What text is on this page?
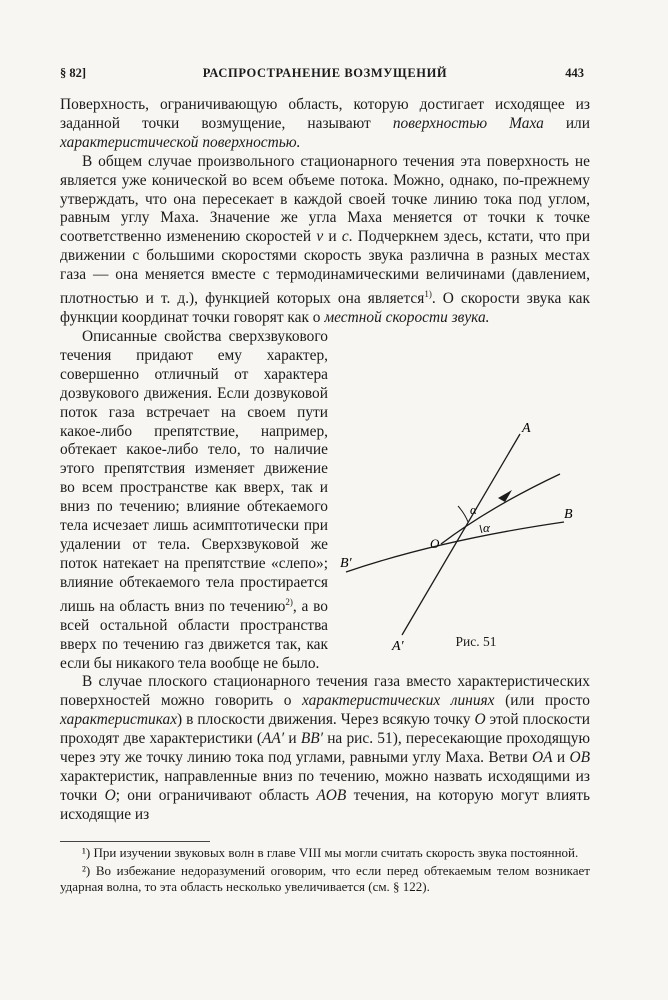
§ 82]	РАСПРОСТРАНЕНИЕ ВОЗМУЩЕНИЙ	443

Поверхность, ограничивающую область, которую достигает исходящее из заданной точки возмущение, называют поверхностью Маха или характеристической поверхностью.

В общем случае произвольного стационарного течения эта поверхность не является уже конической во всем объеме потока. Можно, однако, по-прежнему утверждать, что она пересекает в каждой своей точке линию тока под углом, равным углу Маха. Значение же угла Маха меняется от точки к точке соответственно изменению скоростей v и c. Подчеркнем здесь, кстати, что при движении с большими скоростями скорость звука различна в разных местах газа — она меняется вместе с термодинамическими величинами (давлением, плотностью и т. д.), функцией которых она является$^{1)}$. О скорости звука как функции координат точки говорят как о местной скорости звука.

A
A′
B
B′
O
α
α
Рис. 51
Описанные свойства сверхзвукового течения придают ему характер, совершенно отличный от характера дозвукового движения. Если дозвуковой поток газа встречает на своем пути какое-либо препятствие, например, обтекает какое-либо тело, то наличие этого препятствия изменяет движение во всем пространстве как вверх, так и вниз по течению; влияние обтекаемого тела исчезает лишь асимптотически при удалении от тела. Сверхзвуковой же поток натекает на препятствие «слепо»; влияние обтекаемого тела простирается лишь на область вниз по течению$^{2)}$, а во всей остальной области пространства вверх по течению газ движется так, как если бы никакого тела вообще не было.

В случае плоского стационарного течения газа вместо характеристических поверхностей можно говорить о характеристических линиях (или просто характеристиках) в плоскости движения. Через всякую точку O этой плоскости проходят две характеристики (AA′ и BB′ на рис. 51), пересекающие проходящую через эту же точку линию тока под углами, равными углу Маха. Ветви OA и OB характеристик, направленные вниз по течению, можно назвать исходящими из точки O; они ограничивают область AOB течения, на которую могут влиять исходящие из

¹) При изучении звуковых волн в главе VIII мы могли считать скорость звука постоянной.
²) Во избежание недоразумений оговорим, что если перед обтекаемым телом возникает ударная волна, то эта область несколько увеличивается (см. § 122).
